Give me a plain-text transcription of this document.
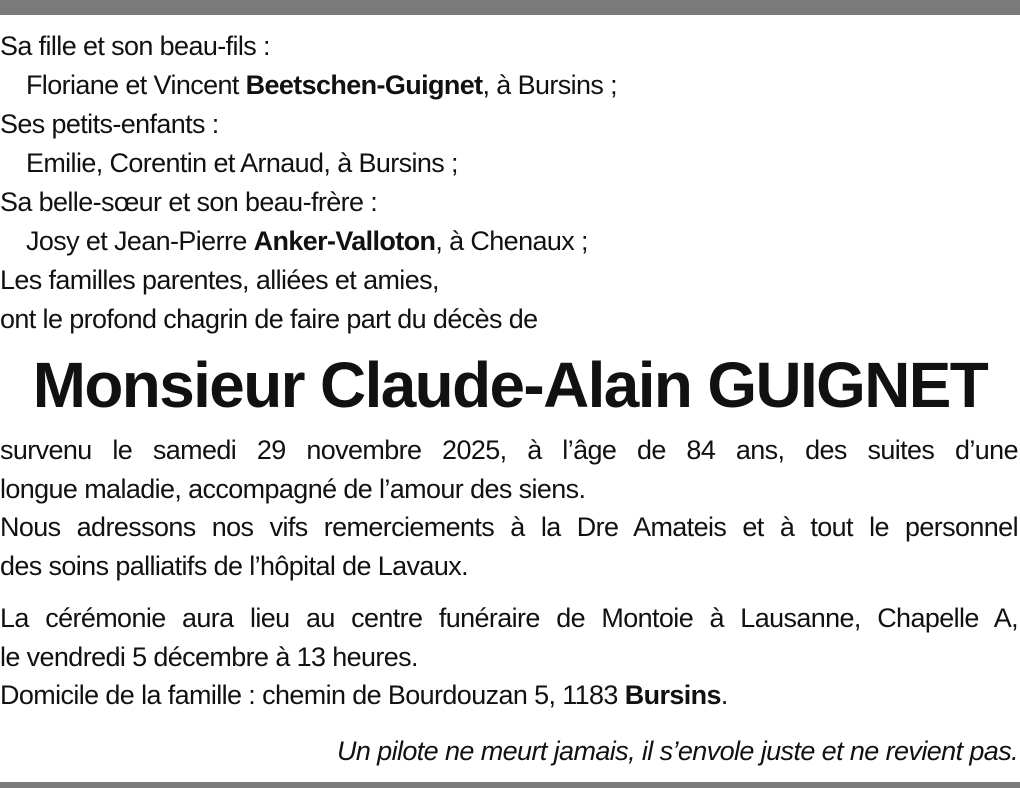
Sa fille et son beau-fils :
Floriane et Vincent Beetschen-Guignet, à Bursins ;
Ses petits-enfants :
Emilie, Corentin et Arnaud, à Bursins ;
Sa belle-sœur et son beau-frère :
Josy et Jean-Pierre Anker-Valloton, à Chenaux ;
Les familles parentes, alliées et amies,
ont le profond chagrin de faire part du décès de
Monsieur Claude-Alain GUIGNET
survenu le samedi 29 novembre 2025, à l’âge de 84 ans, des suites d’une
longue maladie, accompagné de l’amour des siens.
Nous adressons nos vifs remerciements à la Dre Amateis et à tout le personnel
des soins palliatifs de l’hôpital de Lavaux.
La cérémonie aura lieu au centre funéraire de Montoie à Lausanne, Chapelle A,
le vendredi 5 décembre à 13 heures.
Domicile de la famille : chemin de Bourdouzan 5, 1183 Bursins.
Un pilote ne meurt jamais, il s’envole juste et ne revient pas.
